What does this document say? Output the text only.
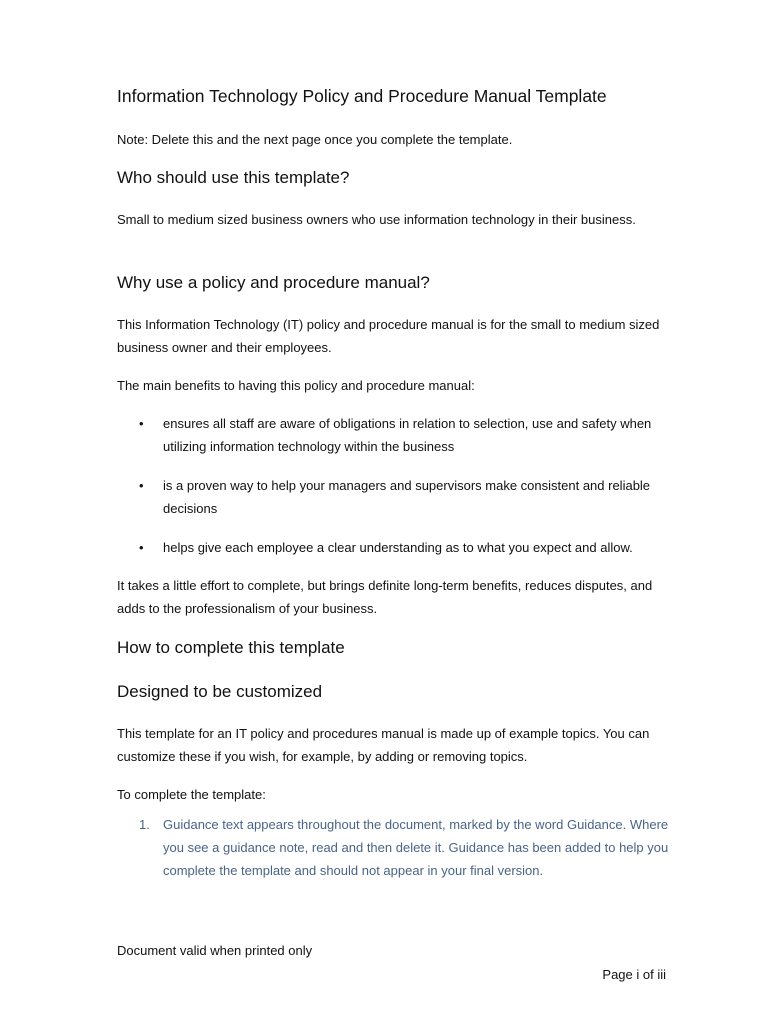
Information Technology Policy and Procedure Manual Template

Note: Delete this and the next page once you complete the template.

Who should use this template?

Small to medium sized business owners who use information technology in their business.

Why use a policy and procedure manual?

This Information Technology (IT) policy and procedure manual is for the small to medium sized business owner and their employees.

The main benefits to having this policy and procedure manual:

• ensures all staff are aware of obligations in relation to selection, use and safety when utilizing information technology within the business
• is a proven way to help your managers and supervisors make consistent and reliable decisions
• helps give each employee a clear understanding as to what you expect and allow.

It takes a little effort to complete, but brings definite long-term benefits, reduces disputes, and adds to the professionalism of your business.

How to complete this template
Designed to be customized

This template for an IT policy and procedures manual is made up of example topics. You can customize these if you wish, for example, by adding or removing topics.

To complete the template:

1. Guidance text appears throughout the document, marked by the word Guidance. Where you see a guidance note, read and then delete it. Guidance has been added to help you complete the template and should not appear in your final version.
Document valid when printed only
Page i of iii
